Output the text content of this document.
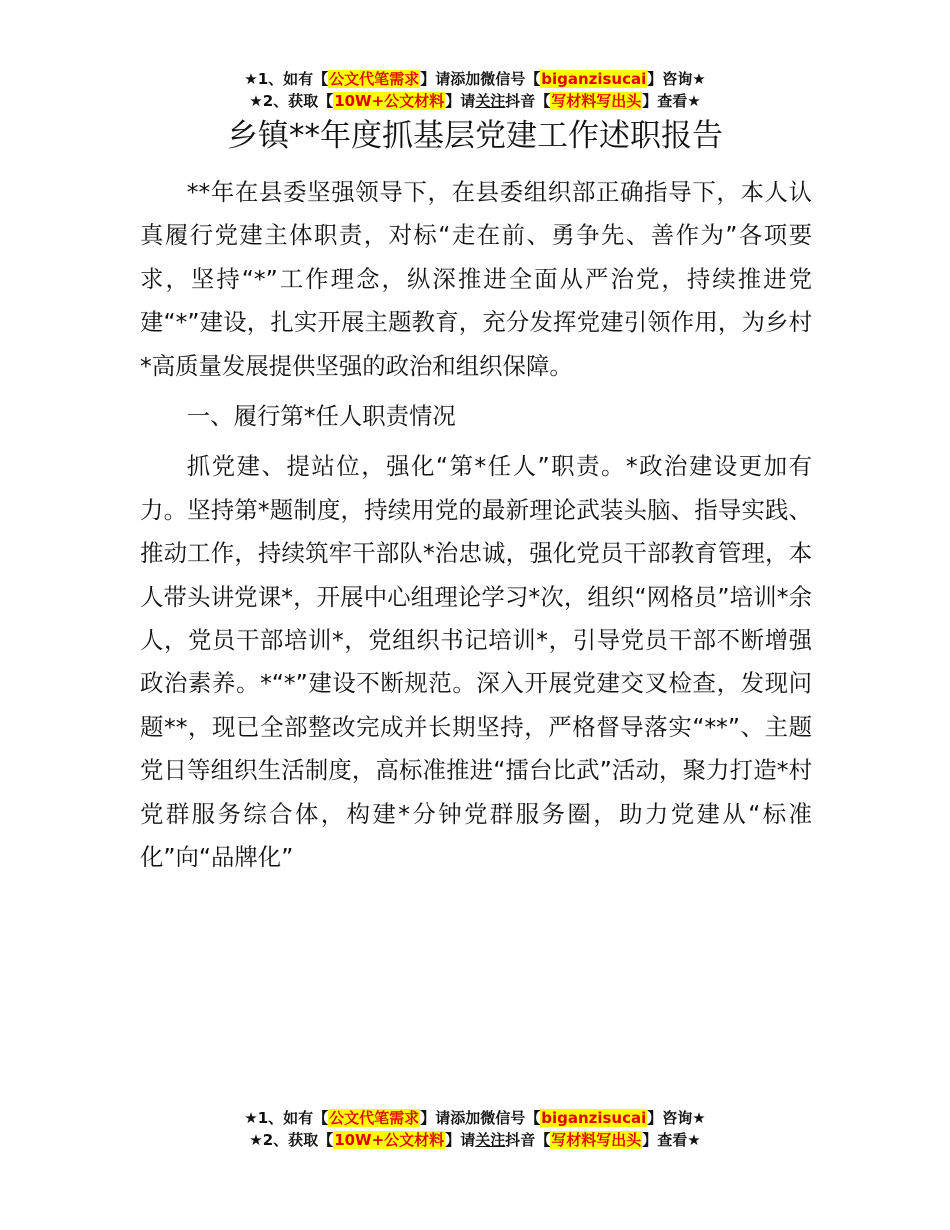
★1、如有【公文代笔需求】请添加微信号【biganzisucai】咨询★
★2、获取【10W+公文材料】请关注抖音【写材料写出头】查看★
乡镇**年度抓基层党建工作述职报告

**年在县委坚强领导下，在县委组织部正确指导下，本人认真履行党建主体职责，对标“走在前、勇争先、善作为”各项要求，坚持“*”工作理念，纵深推进全面从严治党，持续推进党建“*”建设，扎实开展主题教育，充分发挥党建引领作用，为乡村*高质量发展提供坚强的政治和组织保障。

一、履行第*任人职责情况

抓党建、提站位，强化“第*任人”职责。*政治建设更加有力。坚持第*题制度，持续用党的最新理论武装头脑、指导实践、推动工作，持续筑牢干部队*治忠诚，强化党员干部教育管理，本人带头讲党课*，开展中心组理论学习*次，组织“网格员”培训*余人，党员干部培训*，党组织书记培训*，引导党员干部不断增强政治素养。*“*”建设不断规范。深入开展党建交叉检查，发现问题**，现已全部整改完成并长期坚持，严格督导落实“**”、主题党日等组织生活制度，高标准推进“擂台比武”活动，聚力打造*村党群服务综合体，构建*分钟党群服务圈，助力党建从“标准化”向“品牌化”

★1、如有【公文代笔需求】请添加微信号【biganzisucai】咨询★
★2、获取【10W+公文材料】请关注抖音【写材料写出头】查看★
